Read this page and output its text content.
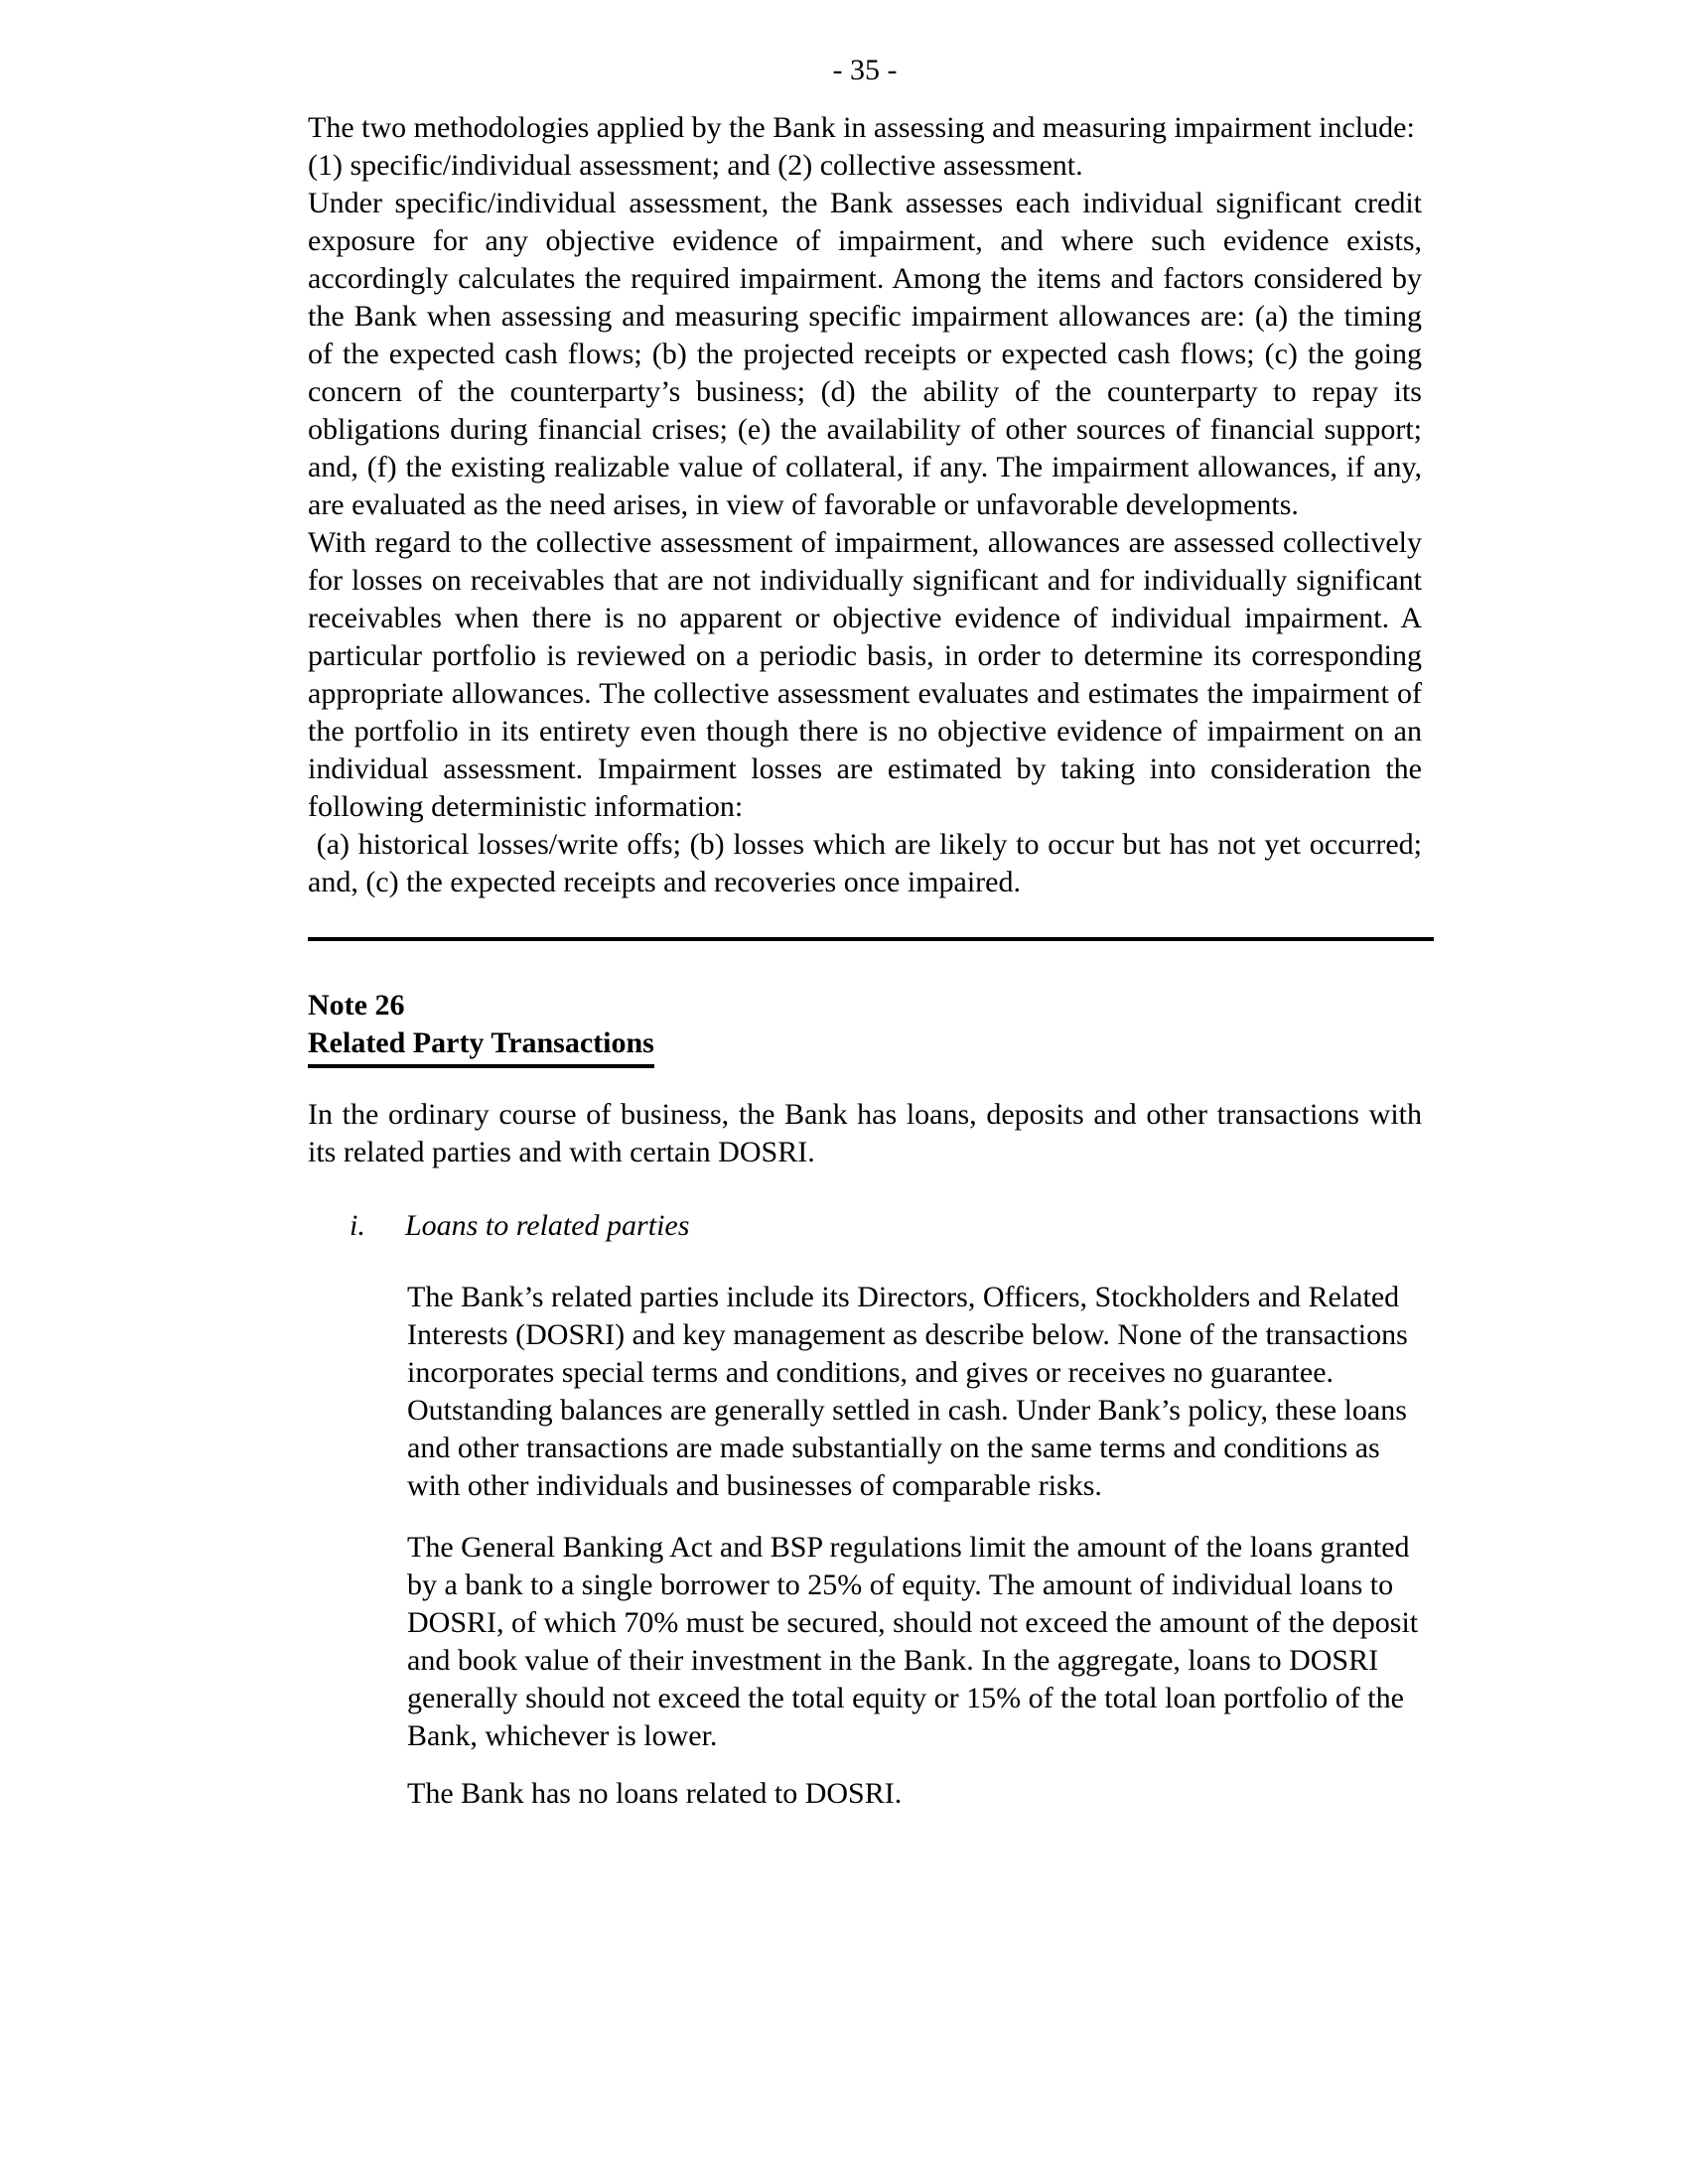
- 35 -

The two methodologies applied by the Bank in assessing and measuring impairment include:

(1) specific/individual assessment; and (2) collective assessment.

Under specific/individual assessment, the Bank assesses each individual significant credit exposure for any objective evidence of impairment, and where such evidence exists, accordingly calculates the required impairment. Among the items and factors considered by the Bank when assessing and measuring specific impairment allowances are: (a) the timing of the expected cash flows; (b) the projected receipts or expected cash flows; (c) the going concern of the counterparty’s business; (d) the ability of the counterparty to repay its obligations during financial crises; (e) the availability of other sources of financial support; and, (f) the existing realizable value of collateral, if any. The impairment allowances, if any, are evaluated as the need arises, in view of favorable or unfavorable developments.

With regard to the collective assessment of impairment, allowances are assessed collectively for losses on receivables that are not individually significant and for individually significant receivables when there is no apparent or objective evidence of individual impairment. A particular portfolio is reviewed on a periodic basis, in order to determine its corresponding appropriate allowances. The collective assessment evaluates and estimates the impairment of the portfolio in its entirety even though there is no objective evidence of impairment on an individual assessment. Impairment losses are estimated by taking into consideration the following deterministic information:
(a) historical losses/write offs; (b) losses which are likely to occur but has not yet occurred; and, (c) the expected receipts and recoveries once impaired.

Note 26
Related Party Transactions

In the ordinary course of business, the Bank has loans, deposits and other transactions with its related parties and with certain DOSRI.

i. Loans to related parties

The Bank’s related parties include its Directors, Officers, Stockholders and Related Interests (DOSRI) and key management as describe below. None of the transactions incorporates special terms and conditions, and gives or receives no guarantee. Outstanding balances are generally settled in cash. Under Bank’s policy, these loans and other transactions are made substantially on the same terms and conditions as with other individuals and businesses of comparable risks.

The General Banking Act and BSP regulations limit the amount of the loans granted by a bank to a single borrower to 25% of equity. The amount of individual loans to DOSRI, of which 70% must be secured, should not exceed the amount of the deposit and book value of their investment in the Bank. In the aggregate, loans to DOSRI generally should not exceed the total equity or 15% of the total loan portfolio of the Bank, whichever is lower.

The Bank has no loans related to DOSRI.
